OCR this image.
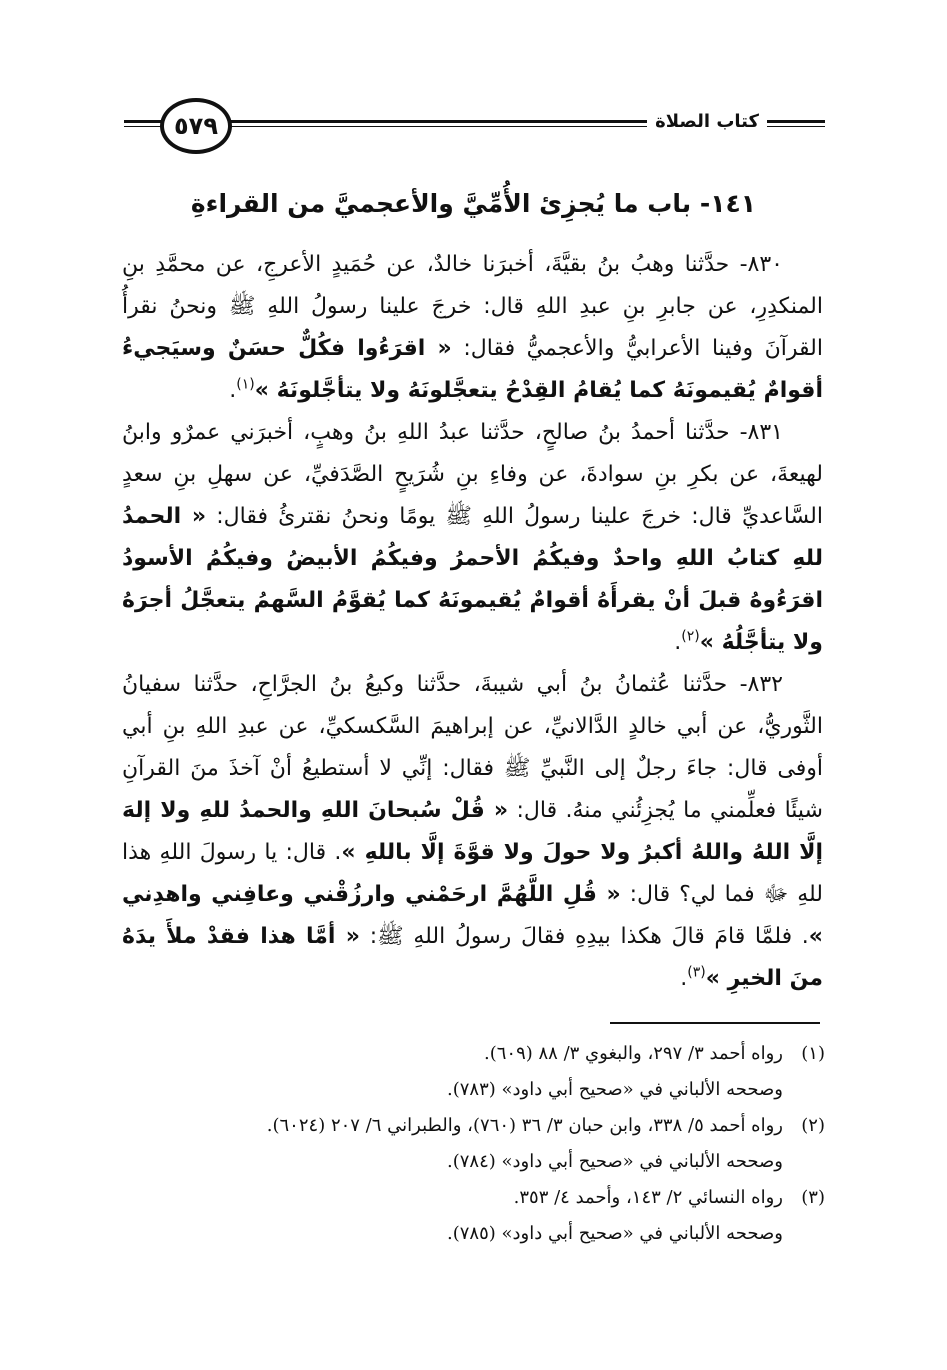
٥٧٩	كتاب الصلاة
١٤١- باب ما يُجزِئ الأُمِّيَّ والأعجميَّ من القراءةِ

٨٣٠- حدَّثنا وهبُ بنُ بقيَّةَ، أخبرَنا خالدٌ، عن حُمَيدٍ الأعرجِ، عن محمَّدِ بنِ المنكدِرِ، عن جابرِ بنِ عبدِ اللهِ قال: خرجَ علينا رسولُ اللهِ ﷺ ونحنُ نقرأُ القرآنَ وفينا الأعرابيُّ والأعجميُّ فقال: « اقرَءُوا فكُلٌّ حسَنٌ وسيَجيءُ أقوامٌ يُقيمونَهُ كما يُقامُ القِدْحُ يتعجَّلونَهُ ولا يتأجَّلونَهُ »$^{(١)}$.

٨٣١- حدَّثنا أحمدُ بنُ صالحٍ، حدَّثنا عبدُ اللهِ بنُ وهبٍ، أخبرَني عمرٌو وابنُ لهيعةَ، عن بكرِ بنِ سوادةَ، عن وفاءِ بنِ شُرَيحٍ الصَّدَفيِّ، عن سهلِ بنِ سعدٍ السَّاعديِّ قال: خرجَ علينا رسولُ اللهِ ﷺ يومًا ونحنُ نقترئُ فقال: « الحمدُ للهِ كتابُ اللهِ واحدٌ وفيكُمُ الأحمرُ وفيكُمُ الأبيضُ وفيكُمُ الأسودُ اقرَءُوهُ قبلَ أنْ يقرأَهُ أقوامٌ يُقيمونَهُ كما يُقوَّمُ السَّهمُ يتعجَّلُ أجرَهُ ولا يتأجَّلُهُ »$^{(٢)}$.

٨٣٢- حدَّثنا عُثمانُ بنُ أبي شيبةَ، حدَّثنا وكيعُ بنُ الجرَّاحِ، حدَّثنا سفيانُ الثَّوريُّ، عن أبي خالدٍ الدَّالانيِّ، عن إبراهيمَ السَّكسكيِّ، عن عبدِ اللهِ بنِ أبي أوفى قال: جاءَ رجلٌ إلى النَّبيِّ ﷺ فقال: إنِّي لا أستطيعُ أنْ آخذَ منَ القرآنِ شيئًا فعلِّمني ما يُجزِئُني منهُ. قال: « قُلْ سُبحانَ اللهِ والحمدُ للهِ ولا إلهَ إلَّا اللهُ واللهُ أكبرُ ولا حولَ ولا قوَّةَ إلَّا باللهِ ». قال: يا رسولَ اللهِ هذا للهِ ﷻ فما لي؟ قال: « قُلِ اللَّهُمَّ ارحَمْني وارزُقْني وعافِني واهدِني ». فلمَّا قامَ قالَ هكذا بيدِهِ فقالَ رسولُ اللهِ ﷺ: « أمَّا هذا فقدْ ملأَ يدَهُ منَ الخيرِ »$^{(٣)}$.

(١)
رواه أحمد ٣/ ٢٩٧، والبغوي ٣/ ٨٨ (٦٠٩).
وصححه الألباني في «صحيح أبي داود» (٧٨٣).
(٢)
رواه أحمد ٥/ ٣٣٨، وابن حبان ٣/ ٣٦ (٧٦٠)، والطبراني ٦/ ٢٠٧ (٦٠٢٤).
وصححه الألباني في «صحيح أبي داود» (٧٨٤).
(٣)
رواه النسائي ٢/ ١٤٣، وأحمد ٤/ ٣٥٣.
وصححه الألباني في «صحيح أبي داود» (٧٨٥).
